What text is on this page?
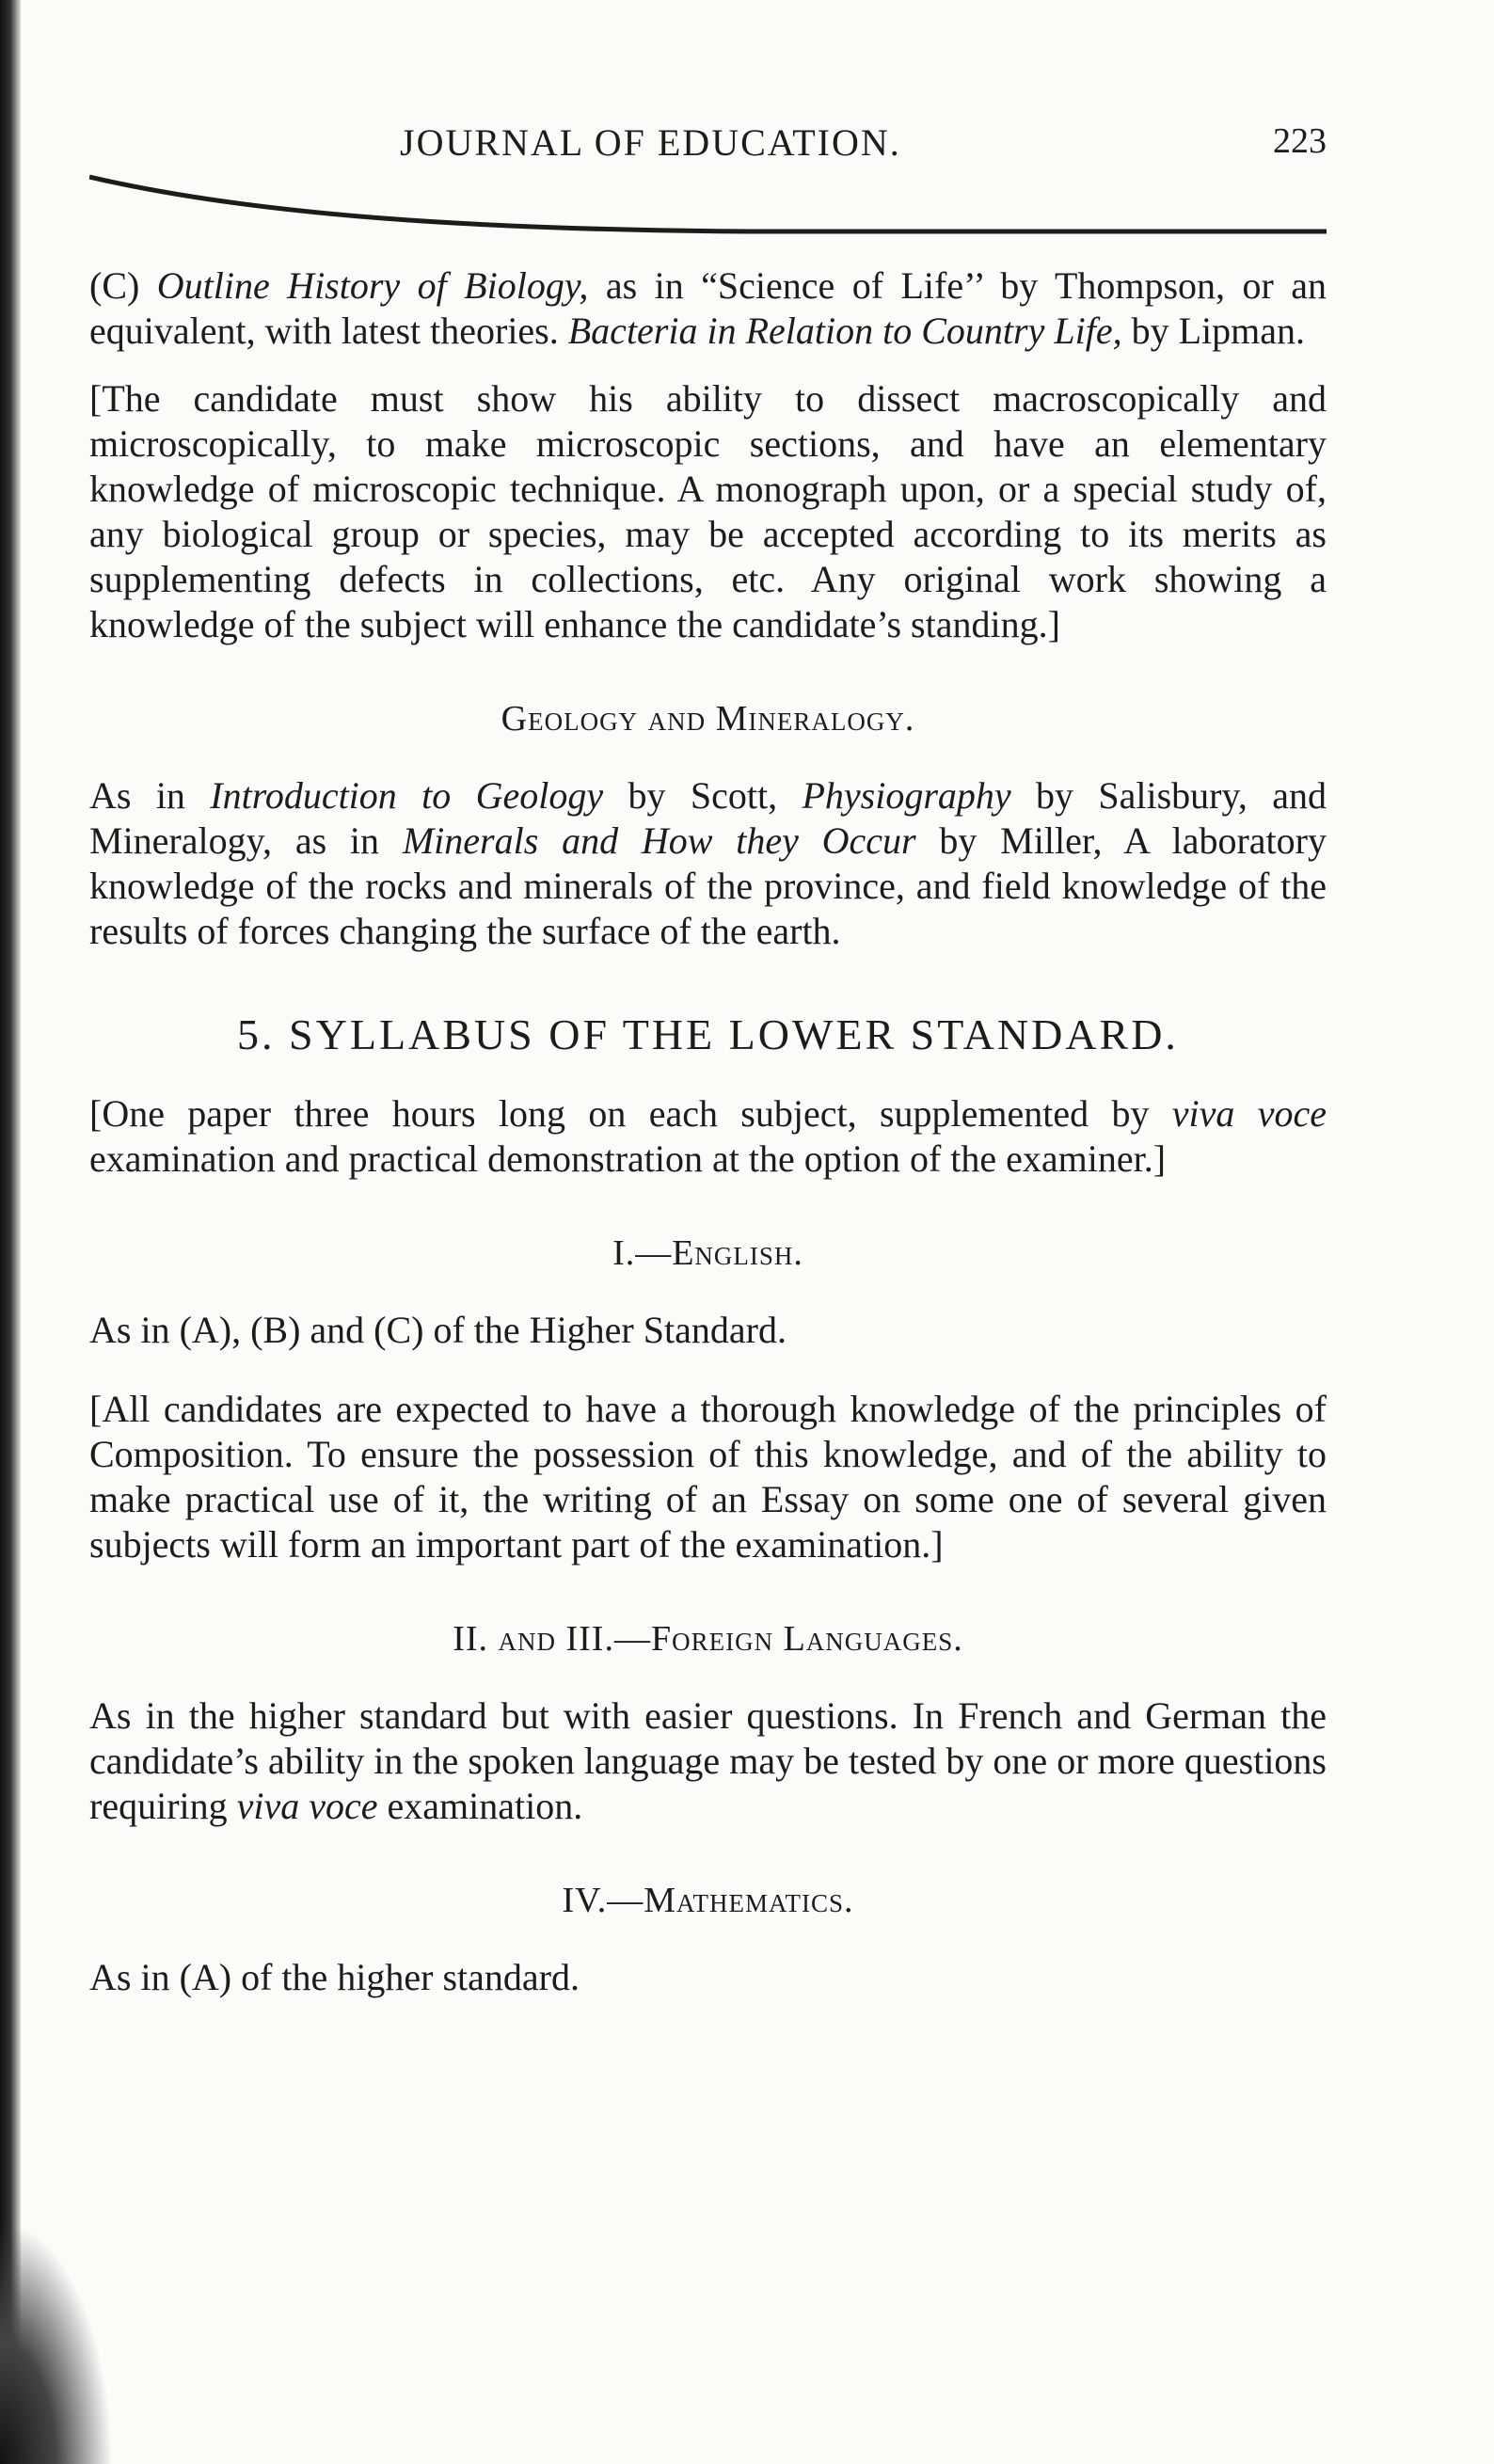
JOURNAL OF EDUCATION.	223

(C) Outline History of Biology, as in “Science of Life’’ by Thompson, or an equivalent, with latest theories. Bacteria in Relation to Country Life, by Lipman.

[The candidate must show his ability to dissect macroscopically and microscopically, to make microscopic sections, and have an elementary knowledge of microscopic technique. A monograph upon, or a special study of, any biological group or species, may be accepted according to its merits as supplementing defects in collections, etc. Any original work showing a knowledge of the subject will enhance the candidate’s standing.]

Geology and Mineralogy.

As in Introduction to Geology by Scott, Physiography by Salisbury, and Mineralogy, as in Minerals and How they Occur by Miller, A laboratory knowledge of the rocks and minerals of the province, and field knowledge of the results of forces changing the surface of the earth.

5. SYLLABUS OF THE LOWER STANDARD.

[One paper three hours long on each subject, supplemented by viva voce examination and practical demonstration at the option of the examiner.]

I.—English.

As in (A), (B) and (C) of the Higher Standard.

[All candidates are expected to have a thorough knowledge of the principles of Composition. To ensure the possession of this knowledge, and of the ability to make practical use of it, the writing of an Essay on some one of several given subjects will form an important part of the examination.]

II. and III.—Foreign Languages.

As in the higher standard but with easier questions. In French and German the candidate’s ability in the spoken language may be tested by one or more questions requiring viva voce examination.

IV.—Mathematics.

As in (A) of the higher standard.
